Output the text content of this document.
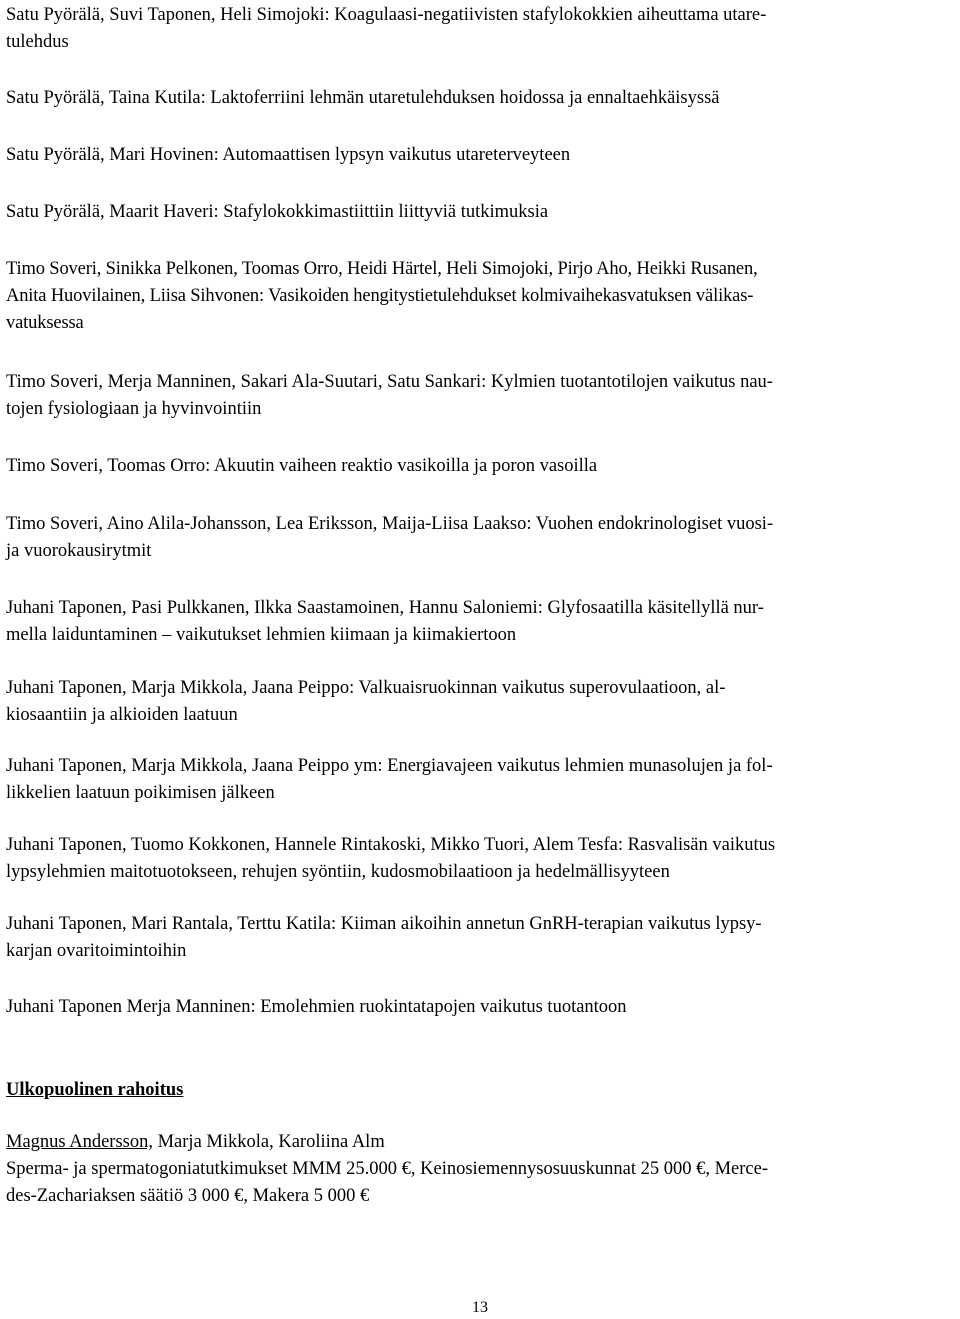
Satu Pyörälä, Suvi Taponen, Heli Simojoki: Koagulaasi-negatiivisten stafylokokkien aiheuttama utare-
tulehdus

Satu Pyörälä, Taina Kutila: Laktoferriini lehmän utaretulehduksen hoidossa ja ennaltaehkäisyssä

Satu Pyörälä, Mari Hovinen: Automaattisen lypsyn vaikutus utareterveyteen

Satu Pyörälä, Maarit Haveri: Stafylokokkimastiittiin liittyviä tutkimuksia

Timo Soveri, Sinikka Pelkonen, Toomas Orro, Heidi Härtel, Heli Simojoki, Pirjo Aho, Heikki Rusanen,
Anita Huovilainen, Liisa Sihvonen: Vasikoiden hengitystietulehdukset kolmivaihekasvatuksen välikas-
vatuksessa

Timo Soveri, Merja Manninen, Sakari Ala-Suutari, Satu Sankari: Kylmien tuotantotilojen vaikutus nau-
tojen fysiologiaan ja hyvinvointiin

Timo Soveri, Toomas Orro: Akuutin vaiheen reaktio vasikoilla ja poron vasoilla

Timo Soveri, Aino Alila-Johansson, Lea Eriksson, Maija-Liisa Laakso: Vuohen endokrinologiset vuosi-
ja vuorokausirytmit

Juhani Taponen, Pasi Pulkkanen, Ilkka Saastamoinen, Hannu Saloniemi: Glyfosaatilla käsitellyllä nur-
mella laiduntaminen – vaikutukset lehmien kiimaan ja kiimakiertoon

Juhani Taponen, Marja Mikkola, Jaana Peippo: Valkuaisruokinnan vaikutus superovulaatioon, al-
kiosaantiin ja alkioiden laatuun

Juhani Taponen, Marja Mikkola, Jaana Peippo ym: Energiavajeen vaikutus lehmien munasolujen ja fol-
likkelien laatuun poikimisen jälkeen

Juhani Taponen, Tuomo Kokkonen, Hannele Rintakoski, Mikko Tuori, Alem Tesfa: Rasvalisän vaikutus
lypsylehmien maitotuotokseen, rehujen syöntiin, kudosmobilaatioon ja hedelmällisyyteen

Juhani Taponen, Mari Rantala, Terttu Katila: Kiiman aikoihin annetun GnRH-terapian vaikutus lypsy-
karjan ovaritoimintoihin

Juhani Taponen Merja Manninen: Emolehmien ruokintatapojen vaikutus tuotantoon

Ulkopuolinen rahoitus

Magnus Andersson, Marja Mikkola, Karoliina Alm
Sperma- ja spermatogoniatutkimukset MMM 25.000 €, Keinosiemennysosuuskunnat 25 000 €, Merce-
des-Zachariaksen säätiö 3 000 €, Makera 5 000 €

13
